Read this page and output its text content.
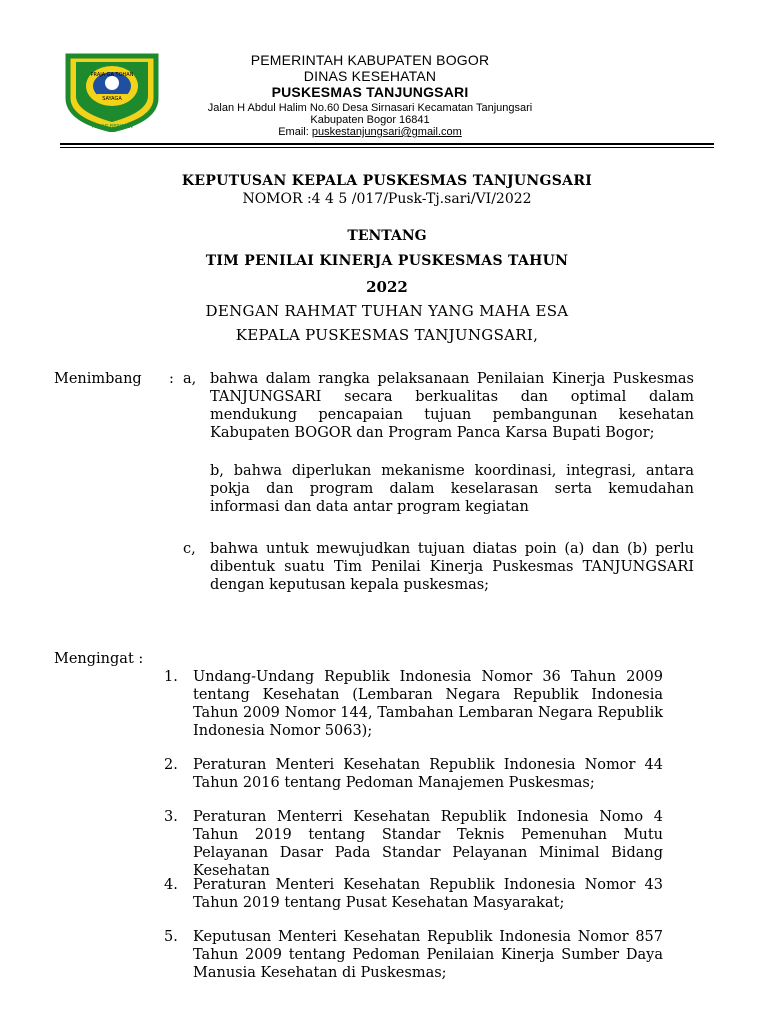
PRAJA GA TOHAN
SAYAGA
TEGAR BERIMAN
PEMERINTAH KABUPATEN BOGOR
DINAS KESEHATAN
PUSKESMAS TANJUNGSARI
Jalan H Abdul Halim No.60 Desa Sirnasari Kecamatan Tanjungsari
Kabupaten Bogor 16841
Email: puskestanjungsari@gmail.com
KEPUTUSAN KEPALA PUSKESMAS TANJUNGSARI
NOMOR :4 4 5 /017/Pusk-Tj.sari/VI/2022
TENTANG
TIM PENILAI KINERJA PUSKESMAS TAHUN
2022
DENGAN RAHMAT TUHAN YANG MAHA ESA
KEPALA PUSKESMAS TANJUNGSARI,
Menimbang : a, bahwa dalam rangka pelaksanaan Penilaian Kinerja Puskesmas TANJUNGSARI secara berkualitas dan optimal dalam mendukung pencapaian tujuan pembangunan kesehatan Kabupaten BOGOR dan Program Panca Karsa Bupati Bogor;
b, bahwa diperlukan mekanisme koordinasi, integrasi, antara pokja dan program dalam keselarasan serta kemudahan informasi dan data antar program kegiatan
c, bahwa untuk mewujudkan tujuan diatas poin (a) dan (b) perlu dibentuk suatu Tim Penilai Kinerja Puskesmas TANJUNGSARI dengan keputusan kepala puskesmas;
Mengingat :
1.	Undang-Undang Republik Indonesia Nomor 36 Tahun 2009 tentang Kesehatan (Lembaran Negara Republik Indonesia Tahun 2009 Nomor 144, Tambahan Lembaran Negara Republik Indonesia Nomor 5063);
2.	Peraturan Menteri Kesehatan Republik Indonesia Nomor 44 Tahun 2016 tentang Pedoman Manajemen Puskesmas;
3.	Peraturan Menterri Kesehatan Republik Indonesia Nomo 4 Tahun 2019 tentang Standar Teknis Pemenuhan Mutu Pelayanan Dasar Pada Standar Pelayanan Minimal Bidang Kesehatan
4.	Peraturan Menteri Kesehatan Republik Indonesia Nomor 43 Tahun 2019 tentang Pusat Kesehatan Masyarakat;
5.	Keputusan Menteri Kesehatan Republik Indonesia Nomor 857 Tahun 2009 tentang Pedoman Penilaian Kinerja Sumber Daya Manusia Kesehatan di Puskesmas;
